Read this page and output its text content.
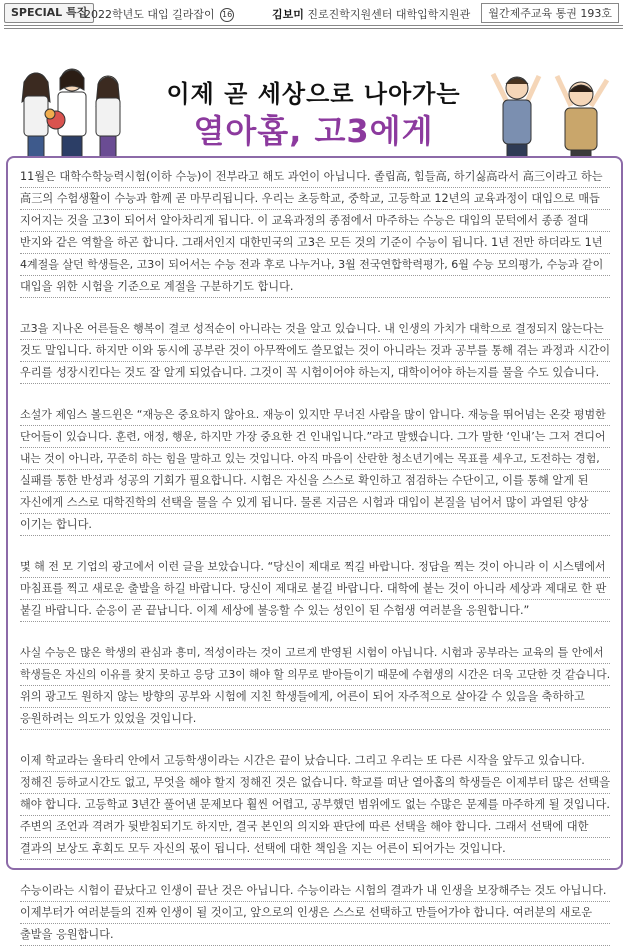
SPECIAL 특집
2022학년도 대입 길라잡이 16	김보미 진로진학지원센터 대학입학지원관	월간제주교육 통권 193호
이제 곧 세상으로 나아가는
열아홉, 고3에게
11월은 대학수학능력시험(이하 수능)이 전부라고 해도 과언이 아닙니다. 졸립高, 힘들高, 하기싫高라서 高三이라고 하는
高三의 수험생활이 수능과 함께 곧 마무리됩니다. 우리는 초등학교, 중학교, 고등학교 12년의 교육과정이 대입으로 매듭
지어지는 것을 고3이 되어서 알아차리게 됩니다. 이 교육과정의 종점에서 마주하는 수능은 대입의 문턱에서 종종 절대
반지와 같은 역할을 하곤 합니다. 그래서인지 대한민국의 고3은 모든 것의 기준이 수능이 됩니다. 1년 전만 하더라도 1년
4계절을 살던 학생들은, 고3이 되어서는 수능 전과 후로 나누거나, 3월 전국연합학력평가, 6월 수능 모의평가, 수능과 같이
대입을 위한 시험을 기준으로 계절을 구분하기도 합니다.
고3을 지나온 어른들은 행복이 결코 성적순이 아니라는 것을 알고 있습니다. 내 인생의 가치가 대학으로 결정되지 않는다는
것도 말입니다. 하지만 이와 동시에 공부란 것이 아무짝에도 쓸모없는 것이 아니라는 것과 공부를 통해 겪는 과정과 시간이
우리를 성장시킨다는 것도 잘 알게 되었습니다. 그것이 꼭 시험이어야 하는지, 대학이어야 하는지를 물을 수도 있습니다.
소설가 제임스 볼드윈은 “재능은 중요하지 않아요. 재능이 있지만 무너진 사람을 많이 압니다. 재능을 뛰어넘는 온갖 평범한
단어들이 있습니다. 훈련, 애정, 행운, 하지만 가장 중요한 건 인내입니다.”라고 말했습니다. 그가 말한 ‘인내’는 그저 견디어
내는 것이 아니라, 꾸준히 하는 힘을 말하고 있는 것입니다. 아직 마음이 산란한 청소년기에는 목표를 세우고, 도전하는 경험,
실패를 통한 반성과 성공의 기회가 필요합니다. 시험은 자신을 스스로 확인하고 점검하는 수단이고, 이를 통해 알게 된
자신에게 스스로 대학진학의 선택을 물을 수 있게 됩니다. 물론 지금은 시험과 대입이 본질을 넘어서 많이 과열된 양상
이기는 합니다.
몇 해 전 모 기업의 광고에서 이런 글을 보았습니다. “당신이 제대로 찍길 바랍니다. 정답을 찍는 것이 아니라 이 시스템에서
마침표를 찍고 새로운 출발을 하길 바랍니다. 당신이 제대로 붙길 바랍니다. 대학에 붙는 것이 아니라 세상과 제대로 한 판
붙길 바랍니다. 순응이 곧 끝납니다. 이제 세상에 불응할 수 있는 성인이 된 수험생 여러분을 응원합니다.”
사실 수능은 많은 학생의 관심과 흥미, 적성이라는 것이 고르게 반영된 시험이 아닙니다. 시험과 공부라는 교육의 틀 안에서
학생들은 자신의 이유를 찾지 못하고 응당 고3이 해야 할 의무로 받아들이기 때문에 수험생의 시간은 더욱 고단한 것 같습니다.
위의 광고도 원하지 않는 방향의 공부와 시험에 지친 학생들에게, 어른이 되어 자주적으로 살아갈 수 있음을 축하하고
응원하려는 의도가 있었을 것입니다.
이제 학교라는 울타리 안에서 고등학생이라는 시간은 끝이 났습니다. 그리고 우리는 또 다른 시작을 앞두고 있습니다.
정해진 등하교시간도 없고, 무엇을 해야 할지 정해진 것은 없습니다. 학교를 떠난 열아홉의 학생들은 이제부터 많은 선택을
해야 합니다. 고등학교 3년간 풀어낸 문제보다 훨씬 어렵고, 공부했던 범위에도 없는 수많은 문제를 마주하게 될 것입니다.
주변의 조언과 격려가 뒷받침되기도 하지만, 결국 본인의 의지와 판단에 따른 선택을 해야 합니다. 그래서 선택에 대한
결과의 보상도 후회도 모두 자신의 몫이 됩니다. 선택에 대한 책임을 지는 어른이 되어가는 것입니다.
수능이라는 시험이 끝났다고 인생이 끝난 것은 아닙니다. 수능이라는 시험의 결과가 내 인생을 보장해주는 것도 아닙니다.
이제부터가 여러분들의 진짜 인생이 될 것이고, 앞으로의 인생은 스스로 선택하고 만들어가야 합니다. 여러분의 새로운
출발을 응원합니다.
